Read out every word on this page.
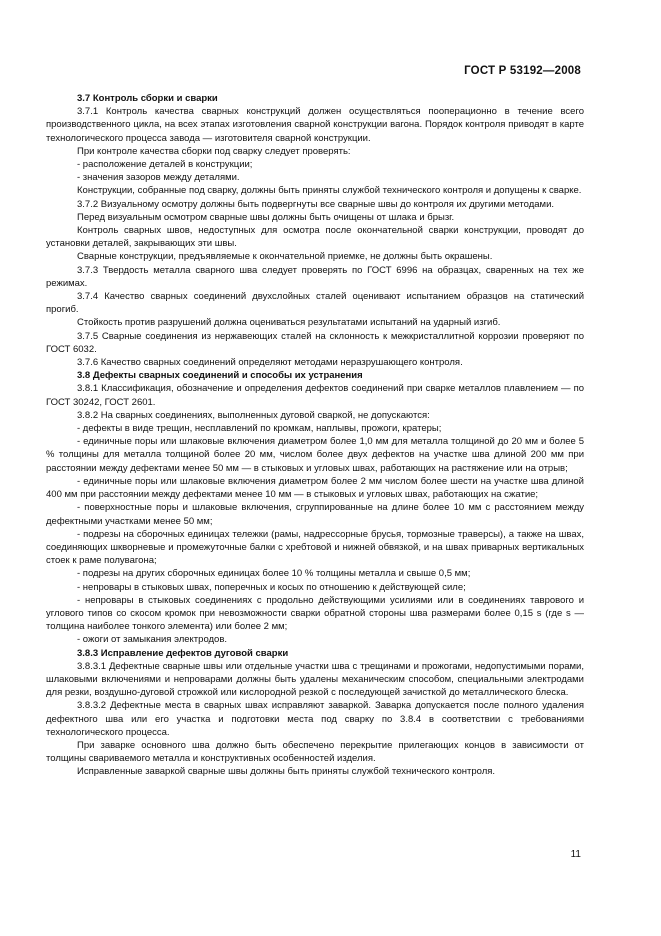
ГОСТ Р 53192—2008

3.7 Контроль сборки и сварки

3.7.1 Контроль качества сварных конструкций должен осуществляться пооперационно в течение всего производственного цикла, на всех этапах изготовления сварной конструкции вагона. Порядок контроля приводят в карте технологического процесса завода — изготовителя сварной конструкции.

При контроле качества сборки под сварку следует проверять:

- расположение деталей в конструкции;

- значения зазоров между деталями.

Конструкции, собранные под сварку, должны быть приняты службой технического контроля и допущены к сварке.

3.7.2 Визуальному осмотру должны быть подвергнуты все сварные швы до контроля их другими методами.

Перед визуальным осмотром сварные швы должны быть очищены от шлака и брызг.

Контроль сварных швов, недоступных для осмотра после окончательной сварки конструкции, проводят до установки деталей, закрывающих эти швы.

Сварные конструкции, предъявляемые к окончательной приемке, не должны быть окрашены.

3.7.3 Твердость металла сварного шва следует проверять по ГОСТ 6996 на образцах, сваренных на тех же режимах.

3.7.4 Качество сварных соединений двухслойных сталей оценивают испытанием образцов на статический прогиб.

Стойкость против разрушений должна оцениваться результатами испытаний на ударный изгиб.

3.7.5 Сварные соединения из нержавеющих сталей на склонность к межкристаллитной коррозии проверяют по ГОСТ 6032.

3.7.6 Качество сварных соединений определяют методами неразрушающего контроля.

3.8 Дефекты сварных соединений и способы их устранения

3.8.1 Классификация, обозначение и определения дефектов соединений при сварке металлов плавлением — по ГОСТ 30242, ГОСТ 2601.

3.8.2 На сварных соединениях, выполненных дуговой сваркой, не допускаются:

- дефекты в виде трещин, несплавлений по кромкам, наплывы, прожоги, кратеры;

- единичные поры или шлаковые включения диаметром более 1,0 мм для металла толщиной до 20 мм и более 5 % толщины для металла толщиной более 20 мм, числом более двух дефектов на участке шва длиной 200 мм при расстоянии между дефектами менее 50 мм — в стыковых и угловых швах, работающих на растяжение или на отрыв;

- единичные поры или шлаковые включения диаметром более 2 мм числом более шести на участке шва длиной 400 мм при расстоянии между дефектами менее 10 мм — в стыковых и угловых швах, работающих на сжатие;

- поверхностные поры и шлаковые включения, сгруппированные на длине более 10 мм с расстоянием между дефектными участками менее 50 мм;

- подрезы на сборочных единицах тележки (рамы, надрессорные брусья, тормозные траверсы), а также на швах, соединяющих шкворневые и промежуточные балки с хребтовой и нижней обвязкой, и на швах приварных вертикальных стоек к раме полувагона;

- подрезы на других сборочных единицах более 10 % толщины металла и свыше 0,5 мм;

- непровары в стыковых швах, поперечных и косых по отношению к действующей силе;

- непровары в стыковых соединениях с продольно действующими усилиями или в соединениях таврового и углового типов со скосом кромок при невозможности сварки обратной стороны шва размерами более 0,15 s (где s — толщина наиболее тонкого элемента) или более 2 мм;

- ожоги от замыкания электродов.

3.8.3 Исправление дефектов дуговой сварки

3.8.3.1 Дефектные сварные швы или отдельные участки шва с трещинами и прожогами, недопустимыми порами, шлаковыми включениями и непроварами должны быть удалены механическим способом, специальными электродами для резки, воздушно-дуговой строжкой или кислородной резкой с последующей зачисткой до металлического блеска.

3.8.3.2 Дефектные места в сварных швах исправляют заваркой. Заварка допускается после полного удаления дефектного шва или его участка и подготовки места под сварку по 3.8.4 в соответствии с требованиями технологического процесса.

При заварке основного шва должно быть обеспечено перекрытие прилегающих концов в зависимости от толщины свариваемого металла и конструктивных особенностей изделия.

Исправленные заваркой сварные швы должны быть приняты службой технического контроля.

11
